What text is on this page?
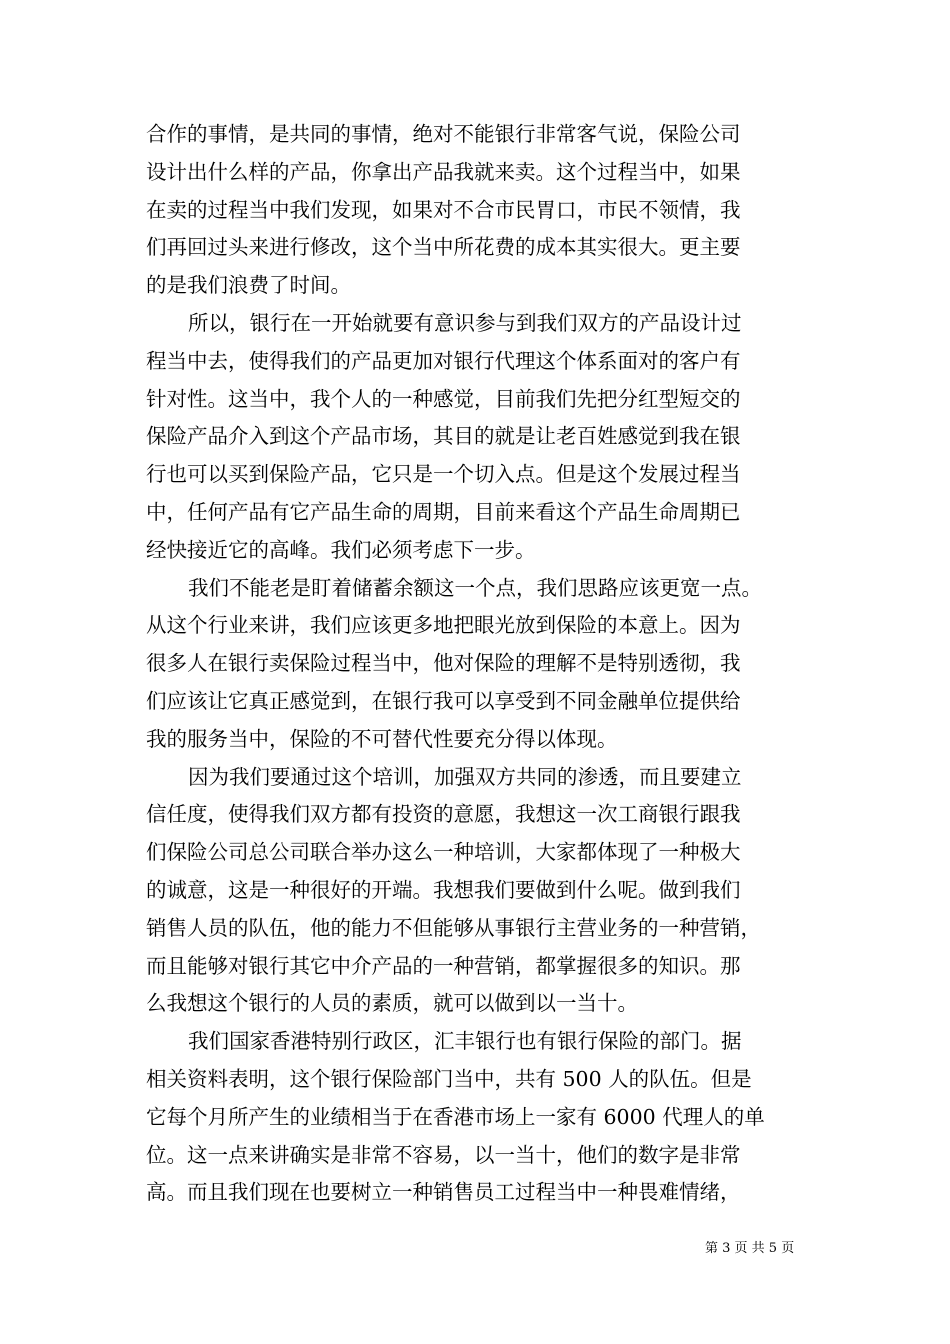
合作的事情，是共同的事情，绝对不能银行非常客气说，保险公司
设计出什么样的产品，你拿出产品我就来卖。这个过程当中，如果
在卖的过程当中我们发现，如果对不合市民胃口，市民不领情，我
们再回过头来进行修改，这个当中所花费的成本其实很大。更主要
的是我们浪费了时间。
所以，银行在一开始就要有意识参与到我们双方的产品设计过
程当中去，使得我们的产品更加对银行代理这个体系面对的客户有
针对性。这当中，我个人的一种感觉，目前我们先把分红型短交的
保险产品介入到这个产品市场，其目的就是让老百姓感觉到我在银
行也可以买到保险产品，它只是一个切入点。但是这个发展过程当
中，任何产品有它产品生命的周期，目前来看这个产品生命周期已
经快接近它的高峰。我们必须考虑下一步。
我们不能老是盯着储蓄余额这一个点，我们思路应该更宽一点。
从这个行业来讲，我们应该更多地把眼光放到保险的本意上。因为
很多人在银行卖保险过程当中，他对保险的理解不是特别透彻，我
们应该让它真正感觉到，在银行我可以享受到不同金融单位提供给
我的服务当中，保险的不可替代性要充分得以体现。
因为我们要通过这个培训，加强双方共同的渗透，而且要建立
信任度，使得我们双方都有投资的意愿，我想这一次工商银行跟我
们保险公司总公司联合举办这么一种培训，大家都体现了一种极大
的诚意，这是一种很好的开端。我想我们要做到什么呢。做到我们
销售人员的队伍，他的能力不但能够从事银行主营业务的一种营销，
而且能够对银行其它中介产品的一种营销，都掌握很多的知识。那
么我想这个银行的人员的素质，就可以做到以一当十。
我们国家香港特别行政区，汇丰银行也有银行保险的部门。据
相关资料表明，这个银行保险部门当中，共有 500 人的队伍。但是
它每个月所产生的业绩相当于在香港市场上一家有 6000 代理人的单
位。这一点来讲确实是非常不容易，以一当十，他们的数字是非常
高。而且我们现在也要树立一种销售员工过程当中一种畏难情绪，
第 3 页 共 5 页
